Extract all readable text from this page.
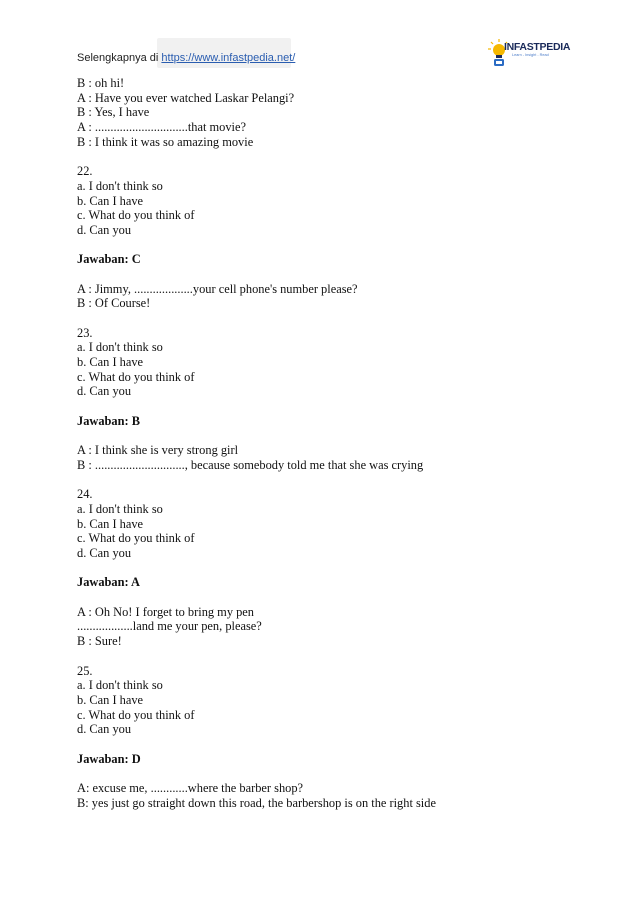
Selengkapnya di https://www.infastpedia.net/
INFASTPEDIA
Learn - Insight - Read
B : oh hi!
A : Have you ever watched Laskar Pelangi?
B : Yes, I have
A : ..............................that movie?
B : I think it was so amazing movie
22.
a. I don't think so
b. Can I have
c. What do you think of
d. Can you
Jawaban: C
A : Jimmy, ...................your cell phone's number please?
B : Of Course!
23.
a. I don't think so
b. Can I have
c. What do you think of
d. Can you
Jawaban: B
A : I think she is very strong girl
B : ............................., because somebody told me that she was crying
24.
a. I don't think so
b. Can I have
c. What do you think of
d. Can you
Jawaban: A
A : Oh No! I forget to bring my pen
..................land me your pen, please?
B : Sure!
25.
a. I don't think so
b. Can I have
c. What do you think of
d. Can you
Jawaban: D
A: excuse me, ............where the barber shop?
B: yes just go straight down this road, the barbershop is on the right side
